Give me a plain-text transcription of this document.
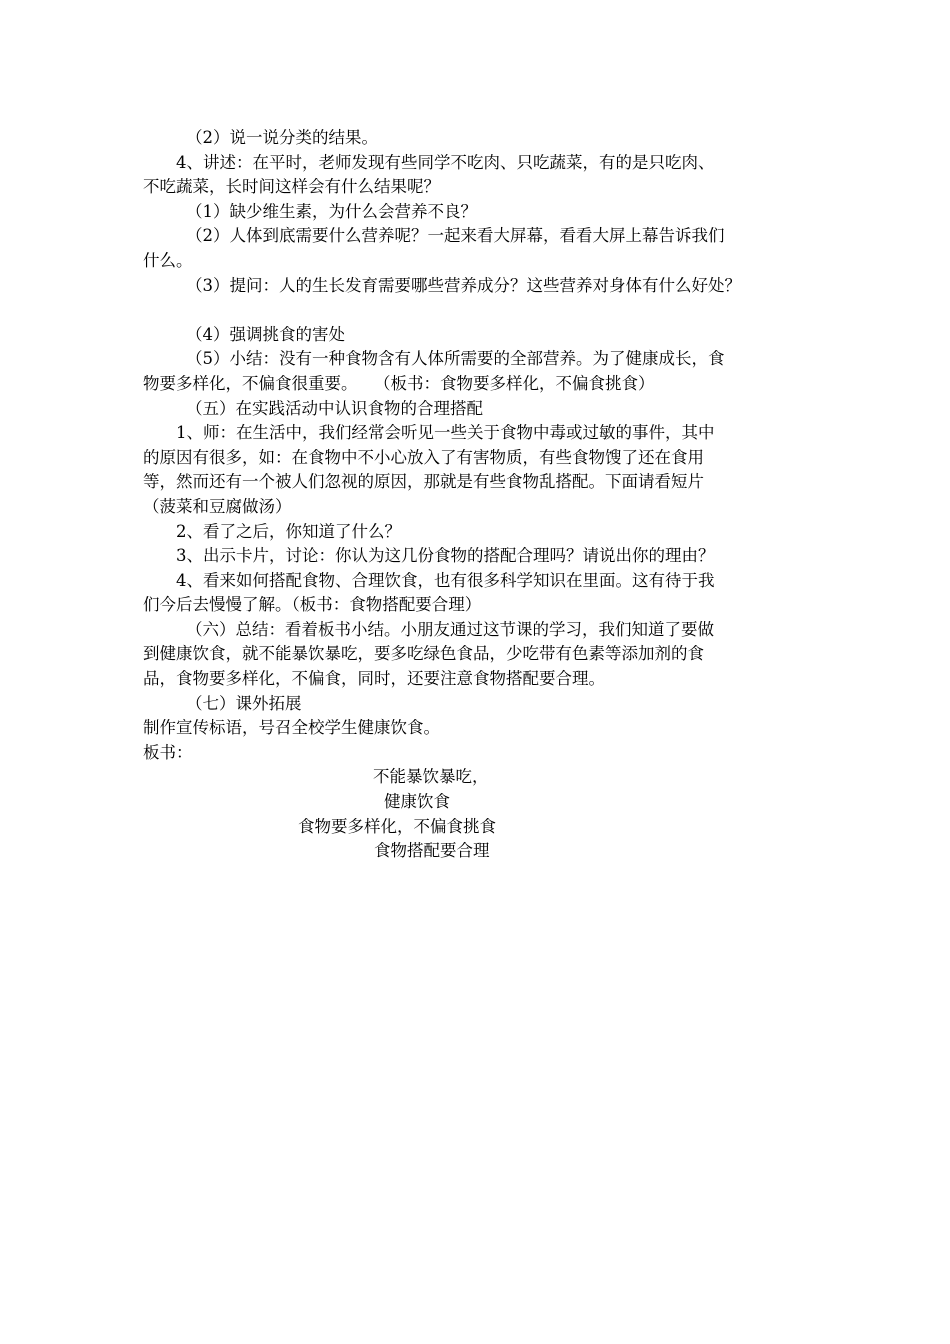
（2）说一说分类的结果。
4、讲述：在平时，老师发现有些同学不吃肉、只吃蔬菜，有的是只吃肉、
不吃蔬菜，长时间这样会有什么结果呢？
（1）缺少维生素，为什么会营养不良？
（2）人体到底需要什么营养呢？一起来看大屏幕，看看大屏上幕告诉我们
什么。
（3）提问：人的生长发育需要哪些营养成分？这些营养对身体有什么好处？
（4）强调挑食的害处
（5）小结：没有一种食物含有人体所需要的全部营养。为了健康成长，食
物要多样化，不偏食很重要。　　（板书：食物要多样化，不偏食挑食）
（五）在实践活动中认识食物的合理搭配
1、师：在生活中，我们经常会听见一些关于食物中毒或过敏的事件，其中
的原因有很多，如：在食物中不小心放入了有害物质，有些食物馊了还在食用
等，然而还有一个被人们忽视的原因，那就是有些食物乱搭配。下面请看短片
（菠菜和豆腐做汤）
2、看了之后，你知道了什么？
3、出示卡片，讨论：你认为这几份食物的搭配合理吗？请说出你的理由？
4、看来如何搭配食物、合理饮食，也有很多科学知识在里面。这有待于我
们今后去慢慢了解。（板书：食物搭配要合理）
（六）总结：看着板书小结。小朋友通过这节课的学习，我们知道了要做
到健康饮食，就不能暴饮暴吃，要多吃绿色食品，少吃带有色素等添加剂的食
品，食物要多样化，不偏食，同时，还要注意食物搭配要合理。
（七）课外拓展
制作宣传标语，号召全校学生健康饮食。
板书：
不能暴饮暴吃，
健康饮食
食物要多样化，不偏食挑食
食物搭配要合理
